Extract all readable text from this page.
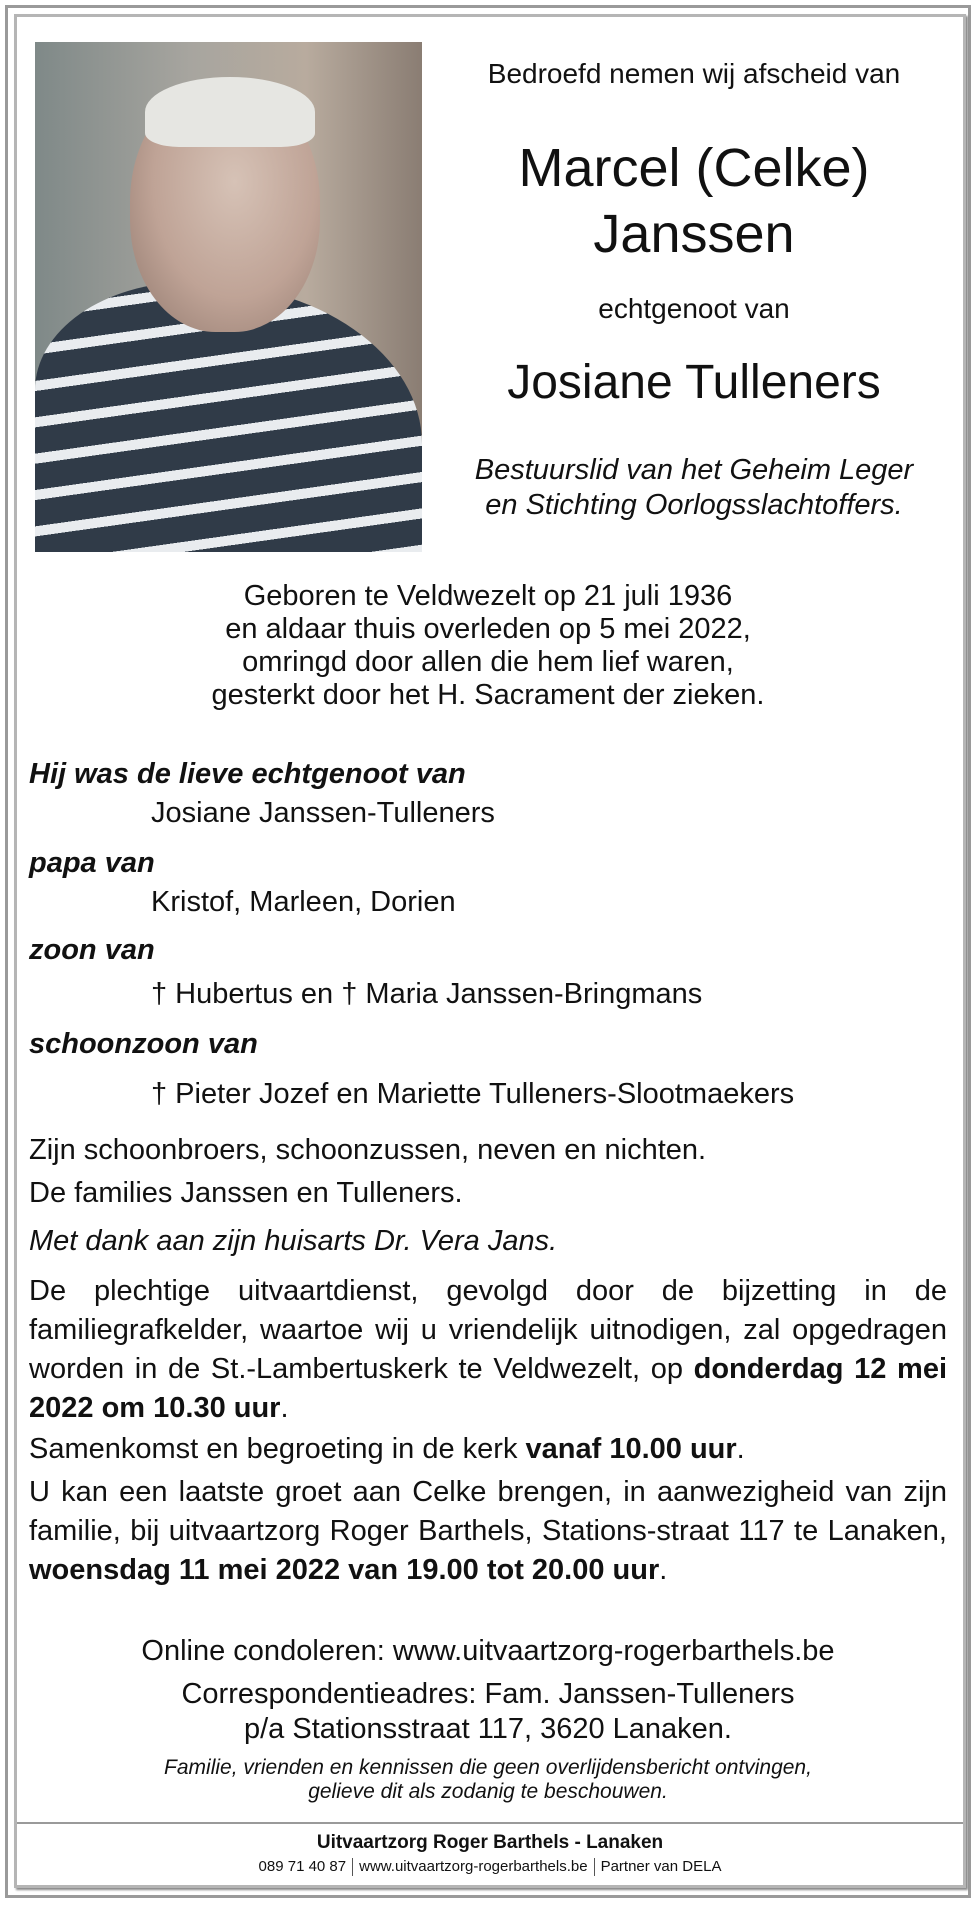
Bedroefd nemen wij afscheid van
Marcel (Celke)
Janssen
echtgenoot van
Josiane Tulleners
Bestuurslid van het Geheim Leger
en Stichting Oorlogsslachtoffers.
Geboren te Veldwezelt op 21 juli 1936
en aldaar thuis overleden op 5 mei 2022,
omringd door allen die hem lief waren,
gesterkt door het H. Sacrament der zieken.
Hij was de lieve echtgenoot van
Josiane Janssen-Tulleners
papa van
Kristof, Marleen, Dorien
zoon van
† Hubertus en † Maria Janssen-Bringmans
schoonzoon van
† Pieter Jozef en Mariette Tulleners-Slootmaekers
Zijn schoonbroers, schoonzussen, neven en nichten.
De families Janssen en Tulleners.
Met dank aan zijn huisarts Dr. Vera Jans.
De plechtige uitvaartdienst, gevolgd door de bijzetting in de familiegrafkelder, waartoe wij u vriendelijk uitnodigen, zal opgedragen worden in de St.-Lambertuskerk te Veldwezelt, op donderdag 12 mei 2022 om 10.30 uur.
Samenkomst en begroeting in de kerk vanaf 10.00 uur.
U kan een laatste groet aan Celke brengen, in aanwezigheid van zijn familie, bij uitvaartzorg Roger Barthels, Stations-straat 117 te Lanaken, woensdag 11 mei 2022 van 19.00 tot 20.00 uur.
Online condoleren: www.uitvaartzorg-rogerbarthels.be
Correspondentieadres: Fam. Janssen-Tulleners
p/a Stationsstraat 117, 3620 Lanaken.
Familie, vrienden en kennissen die geen overlijdensbericht ontvingen,
gelieve dit als zodanig te beschouwen.
Uitvaartzorg Roger Barthels - Lanaken
089 71 40 87 www.uitvaartzorg-rogerbarthels.be Partner van DELA
